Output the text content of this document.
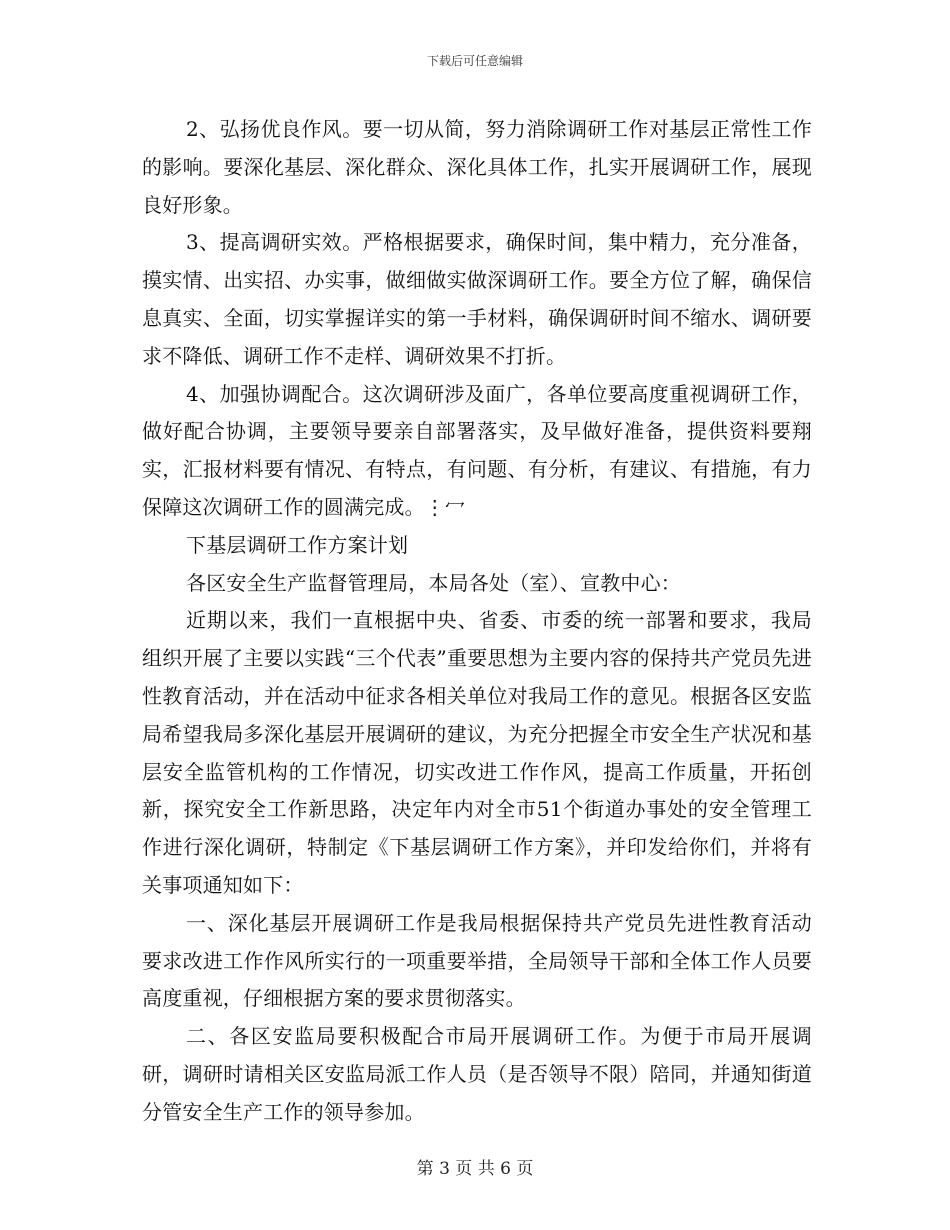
下载后可任意编辑

2、弘扬优良作风。要一切从简，努力消除调研工作对基层正常性工作的影响。要深化基层、深化群众、深化具体工作，扎实开展调研工作，展现良好形象。

3、提高调研实效。严格根据要求，确保时间，集中精力，充分准备，摸实情、出实招、办实事，做细做实做深调研工作。要全方位了解，确保信息真实、全面，切实掌握详实的第一手材料，确保调研时间不缩水、调研要求不降低、调研工作不走样、调研效果不打折。

4、加强协调配合。这次调研涉及面广，各单位要高度重视调研工作，做好配合协调，主要领导要亲自部署落实，及早做好准备，提供资料要翔实，汇报材料要有情况、有特点，有问题、有分析，有建议、有措施，有力保障这次调研工作的圆满完成。⋮冖

下基层调研工作方案计划

各区安全生产监督管理局，本局各处（室）、宣教中心：

近期以来，我们一直根据中央、省委、市委的统一部署和要求，我局组织开展了主要以实践“三个代表”重要思想为主要内容的保持共产党员先进性教育活动，并在活动中征求各相关单位对我局工作的意见。根据各区安监局希望我局多深化基层开展调研的建议，为充分把握全市安全生产状况和基层安全监管机构的工作情况，切实改进工作作风，提高工作质量，开拓创新，探究安全工作新思路，决定年内对全市51个街道办事处的安全管理工作进行深化调研，特制定《下基层调研工作方案》，并印发给你们，并将有关事项通知如下：

一、深化基层开展调研工作是我局根据保持共产党员先进性教育活动要求改进工作作风所实行的一项重要举措，全局领导干部和全体工作人员要高度重视，仔细根据方案的要求贯彻落实。

二、各区安监局要积极配合市局开展调研工作。为便于市局开展调研，调研时请相关区安监局派工作人员（是否领导不限）陪同，并通知街道分管安全生产工作的领导参加。

第 3 页 共 6 页
